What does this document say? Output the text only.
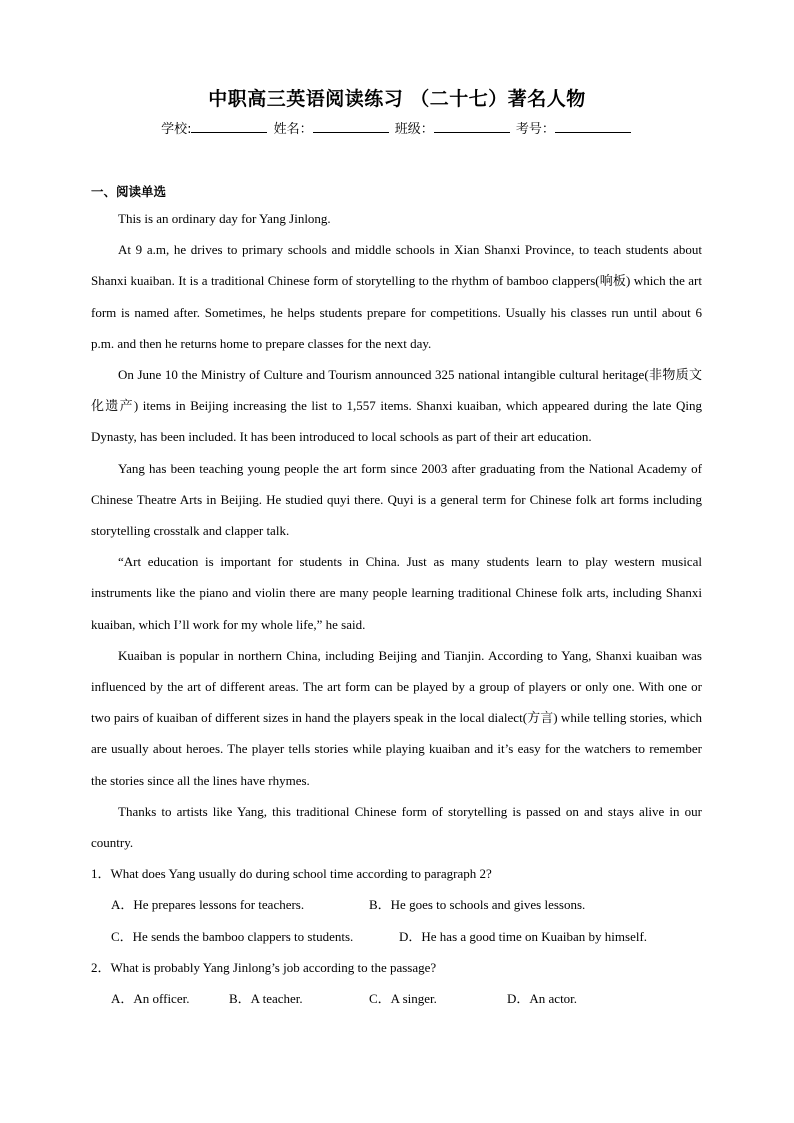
中职高三英语阅读练习 （二十七）著名人物
学校:	姓名：	班级：	考号：
一、阅读单选

This is an ordinary day for Yang Jinlong.

At 9 a.m, he drives to primary schools and middle schools in Xian Shanxi Province, to teach students about Shanxi kuaiban. It is a traditional Chinese form of storytelling to the rhythm of bamboo clappers(响板) which the art form is named after. Sometimes, he helps students prepare for competitions. Usually his classes run until about 6 p.m. and then he returns home to prepare classes for the next day.

On June 10 the Ministry of Culture and Tourism announced 325 national intangible cultural heritage(非物质文化遗产) items in Beijing increasing the list to 1,557 items. Shanxi kuaiban, which appeared during the late Qing Dynasty, has been included. It has been introduced to local schools as part of their art education.

Yang has been teaching young people the art form since 2003 after graduating from the National Academy of Chinese Theatre Arts in Beijing. He studied quyi there. Quyi is a general term for Chinese folk art forms including storytelling crosstalk and clapper talk.

“Art education is important for students in China. Just as many students learn to play western musical instruments like the piano and violin there are many people learning traditional Chinese folk arts, including Shanxi kuaiban, which I’ll work for my whole life,” he said.

Kuaiban is popular in northern China, including Beijing and Tianjin. According to Yang, Shanxi kuaiban was influenced by the art of different areas. The art form can be played by a group of players or only one. With one or two pairs of kuaiban of different sizes in hand the players speak in the local dialect(方言) while telling stories, which are usually about heroes. The player tells stories while playing kuaiban and it’s easy for the watchers to remember the stories since all the lines have rhymes.

Thanks to artists like Yang, this traditional Chinese form of storytelling is passed on and stays alive in our country.

1．What does Yang usually do during school time according to paragraph 2?

A．He prepares lessons for teachers.	B．He goes to schools and gives lessons.

C．He sends the bamboo clappers to students.	D．He has a good time on Kuaiban by himself.

2．What is probably Yang Jinlong’s job according to the passage?

A．An officer.	B．A teacher.	C．A singer.	D．An actor.
